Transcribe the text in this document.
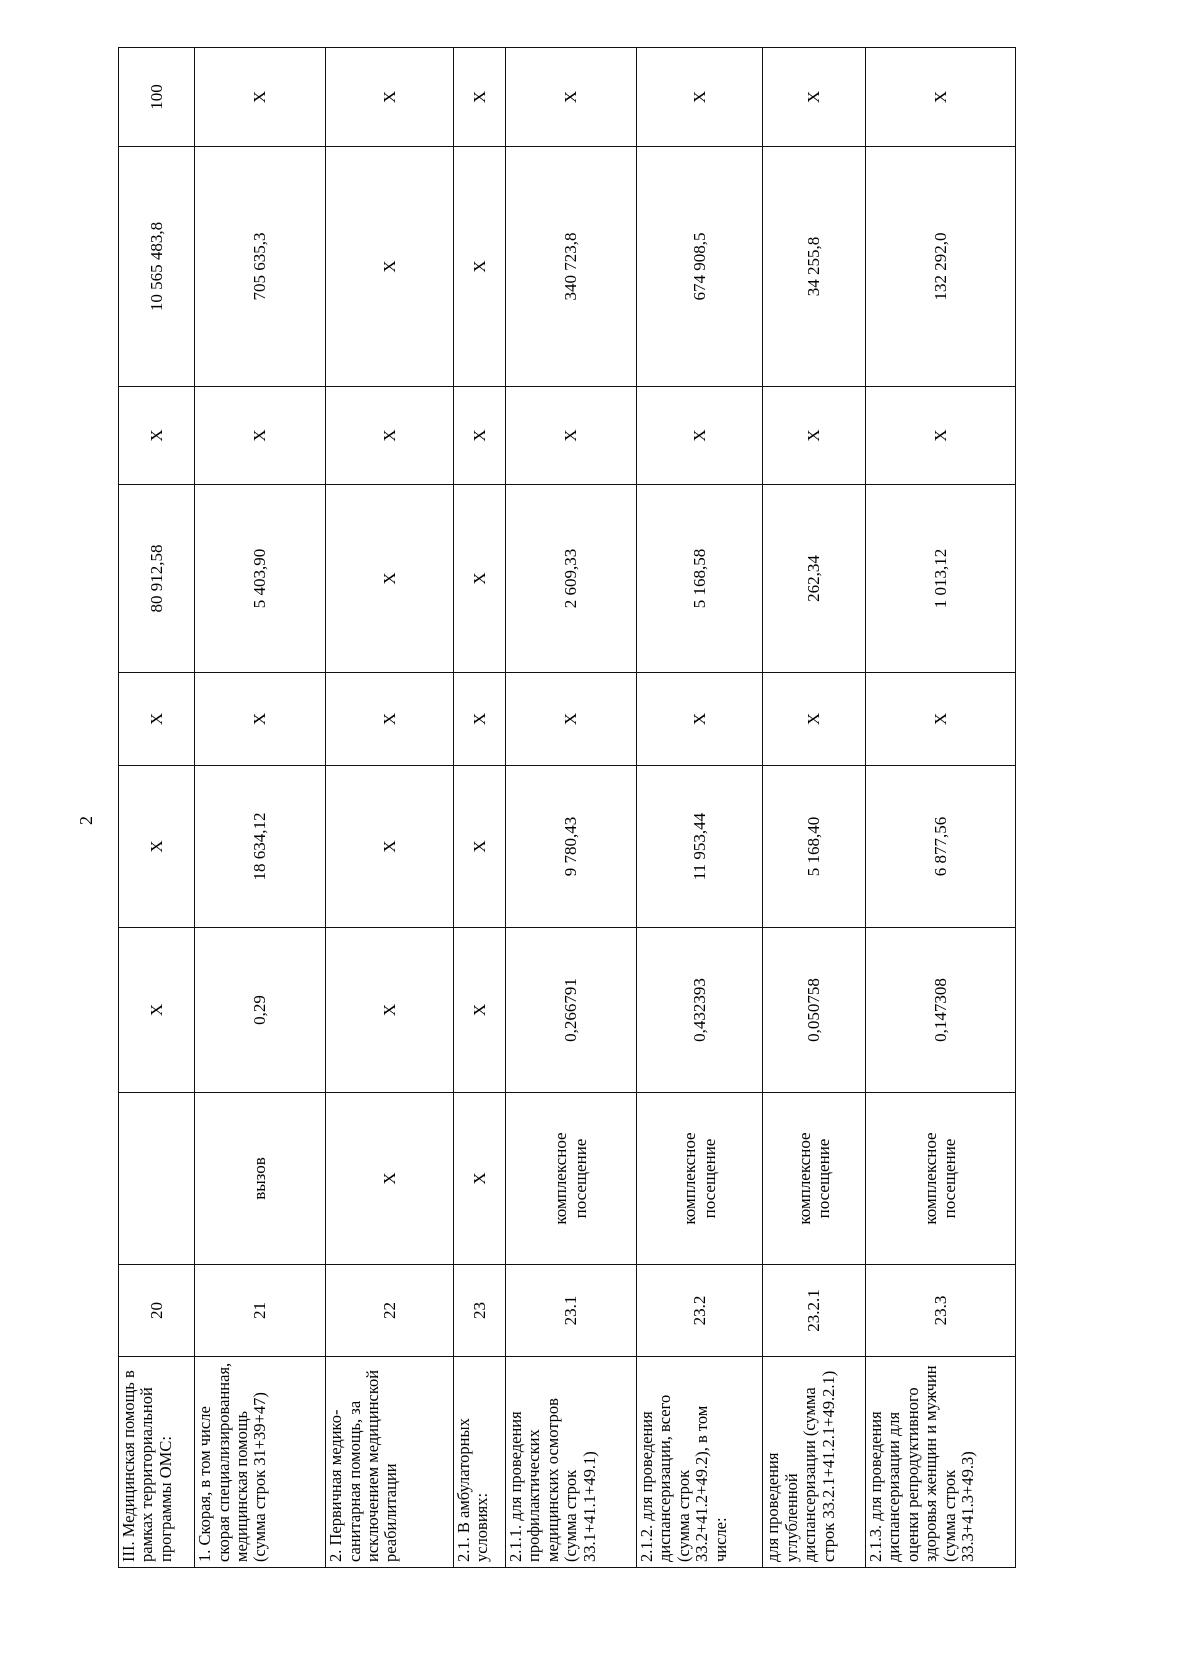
2
III. Медицинская помощь в рамках территориальной программы ОМС:	20		X	X	X	80 912,58	X	10 565 483,8	100
1. Скорая, в том числе скорая специализированная, медицинская помощь (сумма строк 31+39+47)	21	вызов	0,29	18 634,12	X	5 403,90	X	705 635,3	X
2. Первичная медико-санитарная помощь, за исключением медицинской реабилитации	22	X	X	X	X	X	X	X	X
2.1. В амбулаторных условиях:	23	X	X	X	X	X	X	X	X
2.1.1. для проведения профилактических медицинских осмотров (сумма строк 33.1+41.1+49.1)	23.1	комплексное посещение	0,266791	9 780,43	X	2 609,33	X	340 723,8	X
2.1.2. для проведения диспансеризации, всего (сумма строк 33.2+41.2+49.2), в том числе:	23.2	комплексное посещение	0,432393	11 953,44	X	5 168,58	X	674 908,5	X
для проведения углубленной диспансеризации (сумма строк 33.2.1+41.2.1+49.2.1)	23.2.1	комплексное посещение	0,050758	5 168,40	X	262,34	X	34 255,8	X
2.1.3. для проведения диспансеризации для оценки репродуктивного здоровья женщин и мужчин (сумма строк 33.3+41.3+49.3)	23.3	комплексное посещение	0,147308	6 877,56	X	1 013,12	X	132 292,0	X
